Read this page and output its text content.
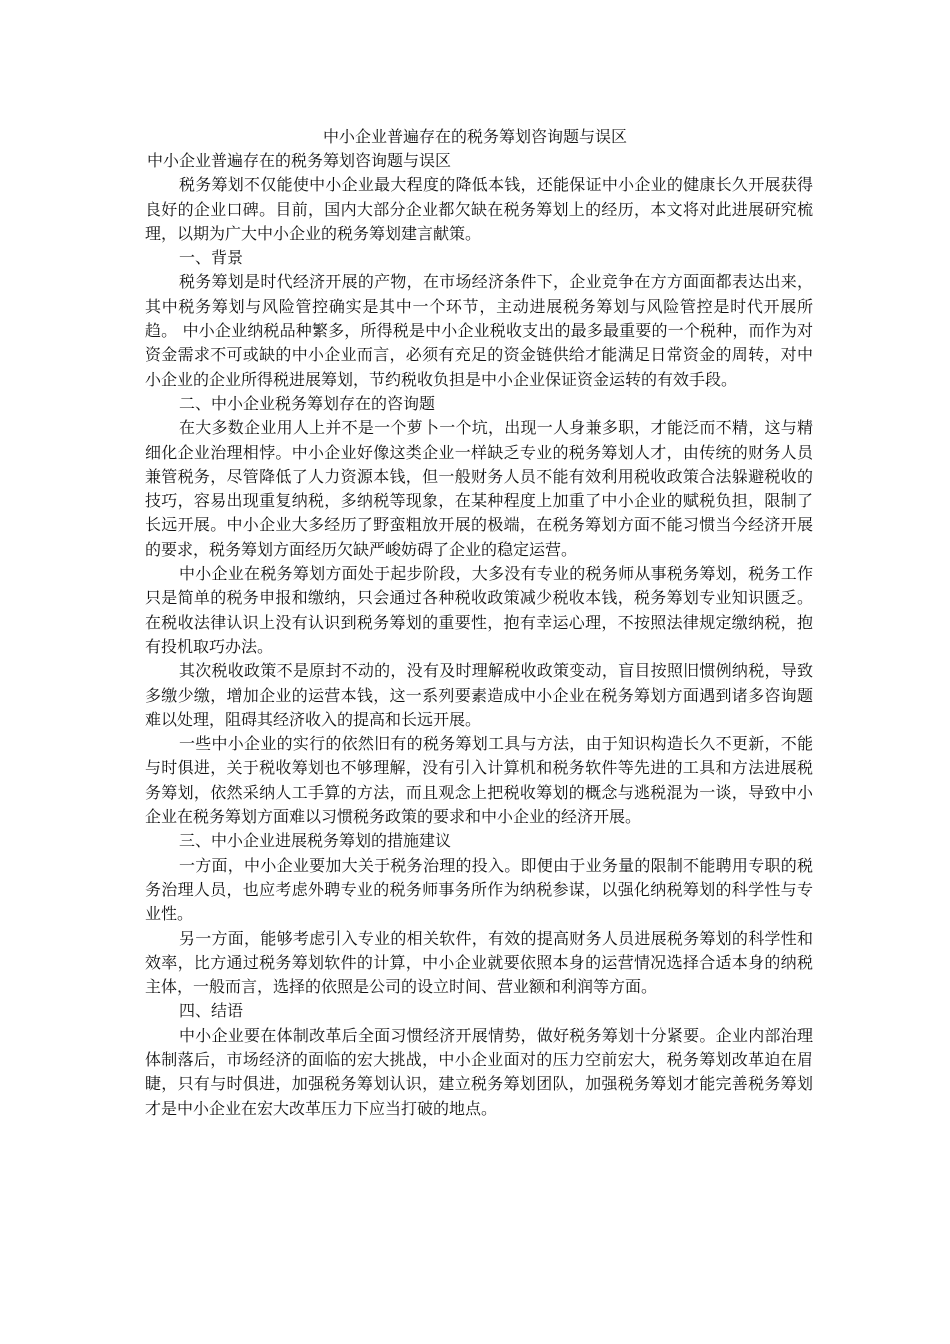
中小企业普遍存在的税务筹划咨询题与误区

中小企业普遍存在的税务筹划咨询题与误区

税务筹划不仅能使中小企业最大程度的降低本钱，还能保证中小企业的健康长久开展获得良好的企业口碑。目前，国内大部分企业都欠缺在税务筹划上的经历，本文将对此进展研究梳理，以期为广大中小企业的税务筹划建言献策。

一、背景

税务筹划是时代经济开展的产物，在市场经济条件下，企业竞争在方方面面都表达出来，其中税务筹划与风险管控确实是其中一个环节，主动进展税务筹划与风险管控是时代开展所趋。 中小企业纳税品种繁多，所得税是中小企业税收支出的最多最重要的一个税种，而作为对资金需求不可或缺的中小企业而言，必须有充足的资金链供给才能满足日常资金的周转，对中小企业的企业所得税进展筹划，节约税收负担是中小企业保证资金运转的有效手段。

二、中小企业税务筹划存在的咨询题

在大多数企业用人上并不是一个萝卜一个坑，出现一人身兼多职，才能泛而不精，这与精细化企业治理相悖。中小企业好像这类企业一样缺乏专业的税务筹划人才，由传统的财务人员兼管税务，尽管降低了人力资源本钱，但一般财务人员不能有效利用税收政策合法躲避税收的技巧，容易出现重复纳税，多纳税等现象，在某种程度上加重了中小企业的赋税负担，限制了长远开展。中小企业大多经历了野蛮粗放开展的极端，在税务筹划方面不能习惯当今经济开展的要求，税务筹划方面经历欠缺严峻妨碍了企业的稳定运营。

中小企业在税务筹划方面处于起步阶段，大多没有专业的税务师从事税务筹划，税务工作只是简单的税务申报和缴纳，只会通过各种税收政策减少税收本钱，税务筹划专业知识匮乏。在税收法律认识上没有认识到税务筹划的重要性，抱有幸运心理，不按照法律规定缴纳税，抱有投机取巧办法。

其次税收政策不是原封不动的，没有及时理解税收政策变动，盲目按照旧惯例纳税，导致多缴少缴，增加企业的运营本钱，这一系列要素造成中小企业在税务筹划方面遇到诸多咨询题难以处理，阻碍其经济收入的提高和长远开展。

一些中小企业的实行的依然旧有的税务筹划工具与方法，由于知识构造长久不更新，不能与时俱进，关于税收筹划也不够理解，没有引入计算机和税务软件等先进的工具和方法进展税务筹划，依然采纳人工手算的方法，而且观念上把税收筹划的概念与逃税混为一谈，导致中小企业在税务筹划方面难以习惯税务政策的要求和中小企业的经济开展。

三、中小企业进展税务筹划的措施建议

一方面，中小企业要加大关于税务治理的投入。即便由于业务量的限制不能聘用专职的税务治理人员，也应考虑外聘专业的税务师事务所作为纳税参谋，以强化纳税筹划的科学性与专业性。

另一方面，能够考虑引入专业的相关软件，有效的提高财务人员进展税务筹划的科学性和效率，比方通过税务筹划软件的计算，中小企业就要依照本身的运营情况选择合适本身的纳税主体，一般而言，选择的依照是公司的设立时间、营业额和利润等方面。

四、结语

中小企业要在体制改革后全面习惯经济开展情势，做好税务筹划十分紧要。企业内部治理体制落后，市场经济的面临的宏大挑战，中小企业面对的压力空前宏大，税务筹划改革迫在眉睫，只有与时俱进，加强税务筹划认识，建立税务筹划团队，加强税务筹划才能完善税务筹划才是中小企业在宏大改革压力下应当打破的地点。
